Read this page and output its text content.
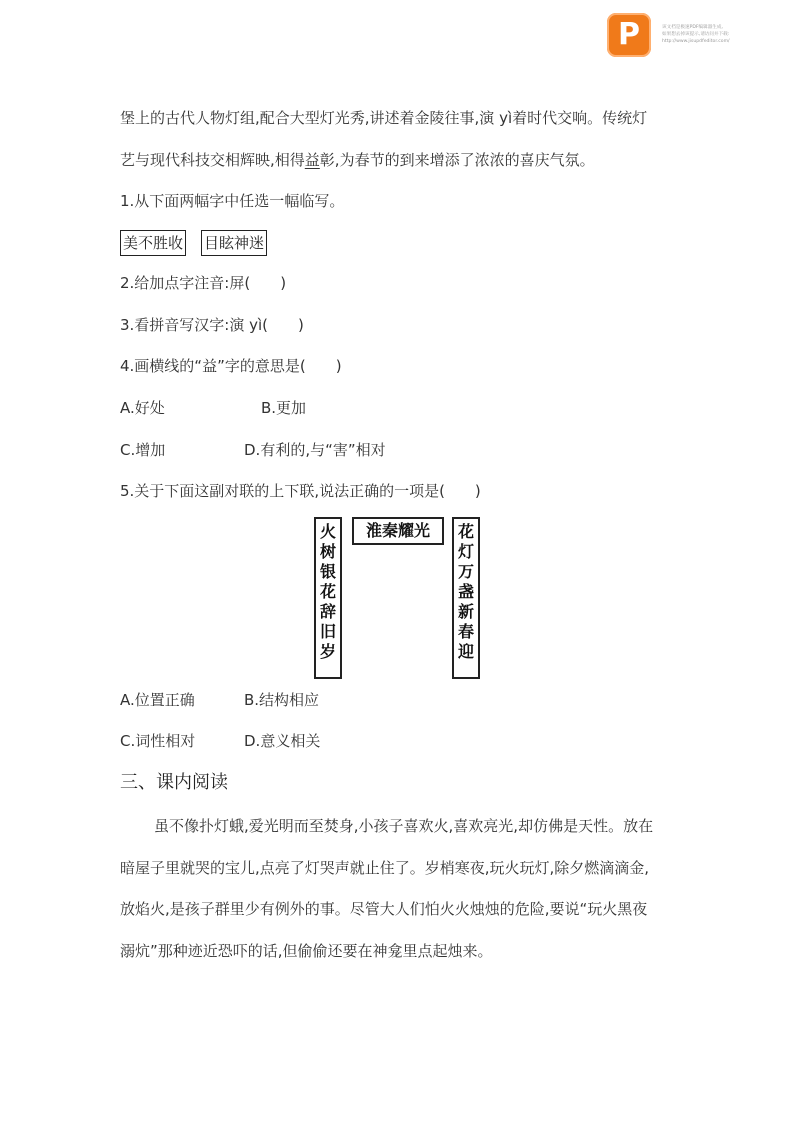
P	该文档是极速PDF编辑器生成,
如果想去掉该提示,请访问并下载:
http://www.jisupdfeditor.com/
堡上的古代人物灯组,配合大型灯光秀,讲述着金陵往事,演 yì着时代交响。传统灯
艺与现代科技交相辉映,相得益彰,为春节的到来增添了浓浓的喜庆气氛。
1.从下面两幅字中任选一幅临写。
美不胜收 目眩神迷
2.给加点字注音:屏(　　)
3.看拼音写汉字:演 yì(　　)
4.画横线的“益”字的意思是(　　)
A.好处	B.更加
C.增加	D.有利的,与“害”相对
5.关于下面这副对联的上下联,说法正确的一项是(　　)
淮秦耀光
火
树
银
花
辞
旧
岁
花
灯
万
盏
新
春
迎
A.位置正确	B.结构相应
C.词性相对	D.意义相关
三、课内阅读
虽不像扑灯蛾,爱光明而至焚身,小孩子喜欢火,喜欢亮光,却仿佛是天性。放在
暗屋子里就哭的宝儿,点亮了灯哭声就止住了。岁梢寒夜,玩火玩灯,除夕燃滴滴金,
放焰火,是孩子群里少有例外的事。尽管大人们怕火火烛烛的危险,要说“玩火黑夜
溺炕”那种迹近恐吓的话,但偷偷还要在神龛里点起烛来。
